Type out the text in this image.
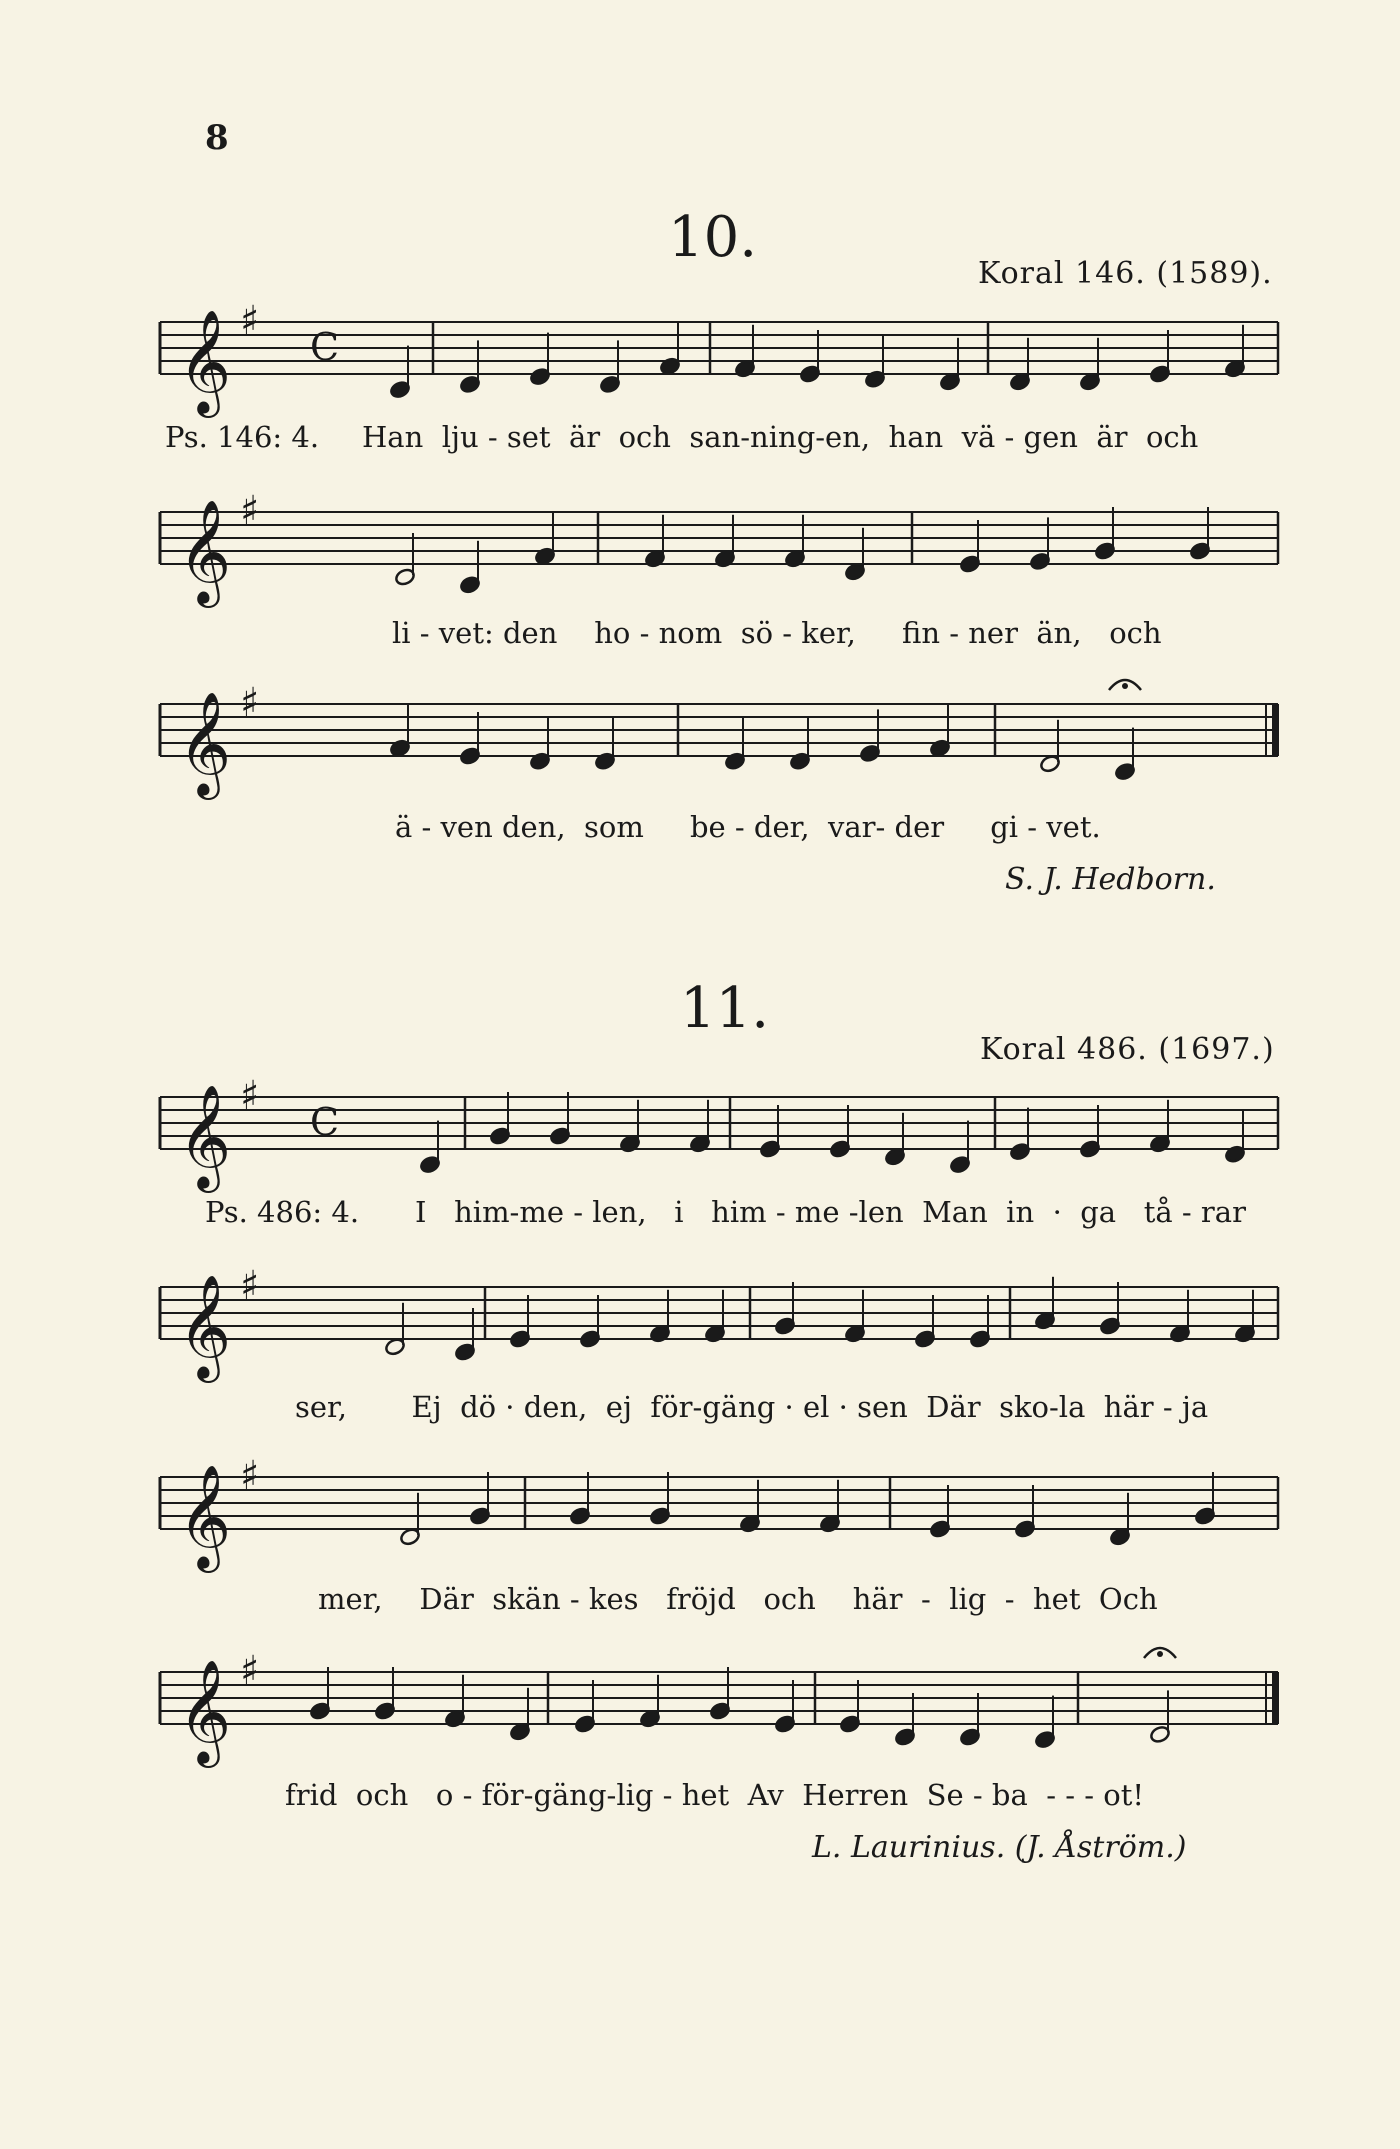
8
10.
Koral 146. (1589).
𝄞 ♯
C
Ps. 146: 4. Han  lju - set  är  och  san-ning-en,  han  vä - gen  är  och
𝄞 ♯
li - vet: den    ho - nom  sö - ker,     fin - ner  än,   och
𝄞 ♯
ä - ven den,  som     be - der,  var- der     gi - vet.
S. J. Hedborn.
11.
Koral 486. (1697.)
𝄞 ♯
C
Ps. 486: 4. I   him-me - len,   i   him - me -len  Man  in  ·  ga   tå - rar
𝄞 ♯
ser,       Ej  dö · den,  ej  för-gäng · el · sen  Där  sko-la  här - ja
𝄞 ♯
mer,    Där  skän - kes   fröjd   och    här  -  lig  -  het  Och
𝄞 ♯
frid  och   o - för-gäng-lig - het  Av  Herren  Se - ba  - - - ot!
L. Laurinius. (J. Åström.)
